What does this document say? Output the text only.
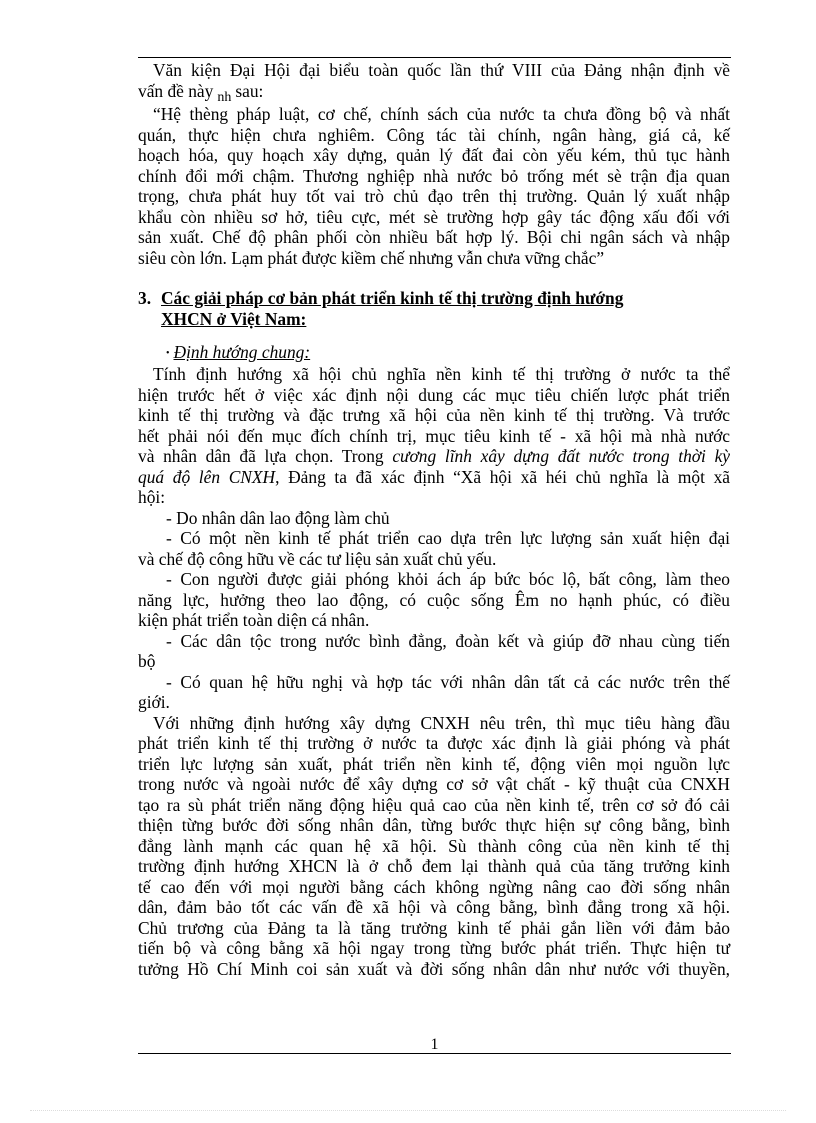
Văn kiện Đại Hội đại biểu toàn quốc lần thứ VIII của Đảng nhận định về
vấn đề này $_{nh}$ sau:
“Hệ thèng pháp luật, cơ chế, chính sách của nước ta chưa đồng bộ và nhất
quán, thực hiện chưa nghiêm. Công tác tài chính, ngân hàng, giá cả, kế
hoạch hóa, quy hoạch xây dựng, quản lý đất đai còn yếu kém, thủ tục hành
chính đổi mới chậm. Thương nghiệp nhà nước bỏ trống mét sè trận địa quan
trọng, chưa phát huy tốt vai trò chủ đạo trên thị trường. Quản lý xuất nhập
khẩu còn nhiều sơ hở, tiêu cực, mét sè trường hợp gây tác động xấu đối với
sản xuất. Chế độ phân phối còn nhiều bất hợp lý. Bội chi ngân sách và nhập
siêu còn lớn. Lạm phát được kiềm chế nhưng vẫn chưa vững chắc”
3. Các giải pháp cơ bản phát triển kinh tế thị trường định hướng
XHCN ở Việt Nam:
• Định hướng chung:
Tính định hướng xã hội chủ nghĩa nền kinh tế thị trường ở nước ta thể
hiện trước hết ở việc xác định nội dung các mục tiêu chiến lược phát triển
kinh tế thị trường và đặc trưng xã hội của nền kinh tế thị trường. Và trước
hết phải nói đến mục đích chính trị, mục tiêu kinh tế - xã hội mà nhà nước
và nhân dân đã lựa chọn. Trong cương lĩnh xây dựng đất nước trong thời kỳ
quá độ lên CNXH, Đảng ta đã xác định “Xã hội xã héi chủ nghĩa là một xã
hội:
- Do nhân dân lao động làm chủ
- Có một nền kinh tế phát triển cao dựa trên lực lượng sản xuất hiện đại
và chế độ công hữu về các tư liệu sản xuất chủ yếu.
- Con người được giải phóng khỏi ách áp bức bóc lộ, bất công, làm theo
năng lực, hưởng theo lao động, có cuộc sống Êm no hạnh phúc, có điều
kiện phát triển toàn diện cá nhân.
- Các dân tộc trong nước bình đẳng, đoàn kết và giúp đỡ nhau cùng tiến
bộ
- Có quan hệ hữu nghị và hợp tác với nhân dân tất cả các nước trên thế
giới.
Với những định hướng xây dựng CNXH nêu trên, thì mục tiêu hàng đầu
phát triển kinh tế thị trường ở nước ta được xác định là giải phóng và phát
triển lực lượng sản xuất, phát triển nền kinh tế, động viên mọi nguồn lực
trong nước và ngoài nước để xây dựng cơ sở vật chất - kỹ thuật của CNXH
tạo ra sù phát triển năng động hiệu quả cao của nền kinh tế, trên cơ sở đó cải
thiện từng bước đời sống nhân dân, từng bước thực hiện sự công bằng, bình
đẳng lành mạnh các quan hệ xã hội. Sù thành công của nền kinh tế thị
trường định hướng XHCN là ở chỗ đem lại thành quả của tăng trưởng kinh
tế cao đến với mọi người bằng cách không ngừng nâng cao đời sống nhân
dân, đảm bảo tốt các vấn đề xã hội và công bằng, bình đẳng trong xã hội.
Chủ trương của Đảng ta là tăng trưởng kinh tế phải gắn liền với đảm bảo
tiến bộ và công bằng xã hội ngay trong từng bước phát triển. Thực hiện tư
tưởng Hồ Chí Minh coi sản xuất và đời sống nhân dân như nước với thuyền,
1
